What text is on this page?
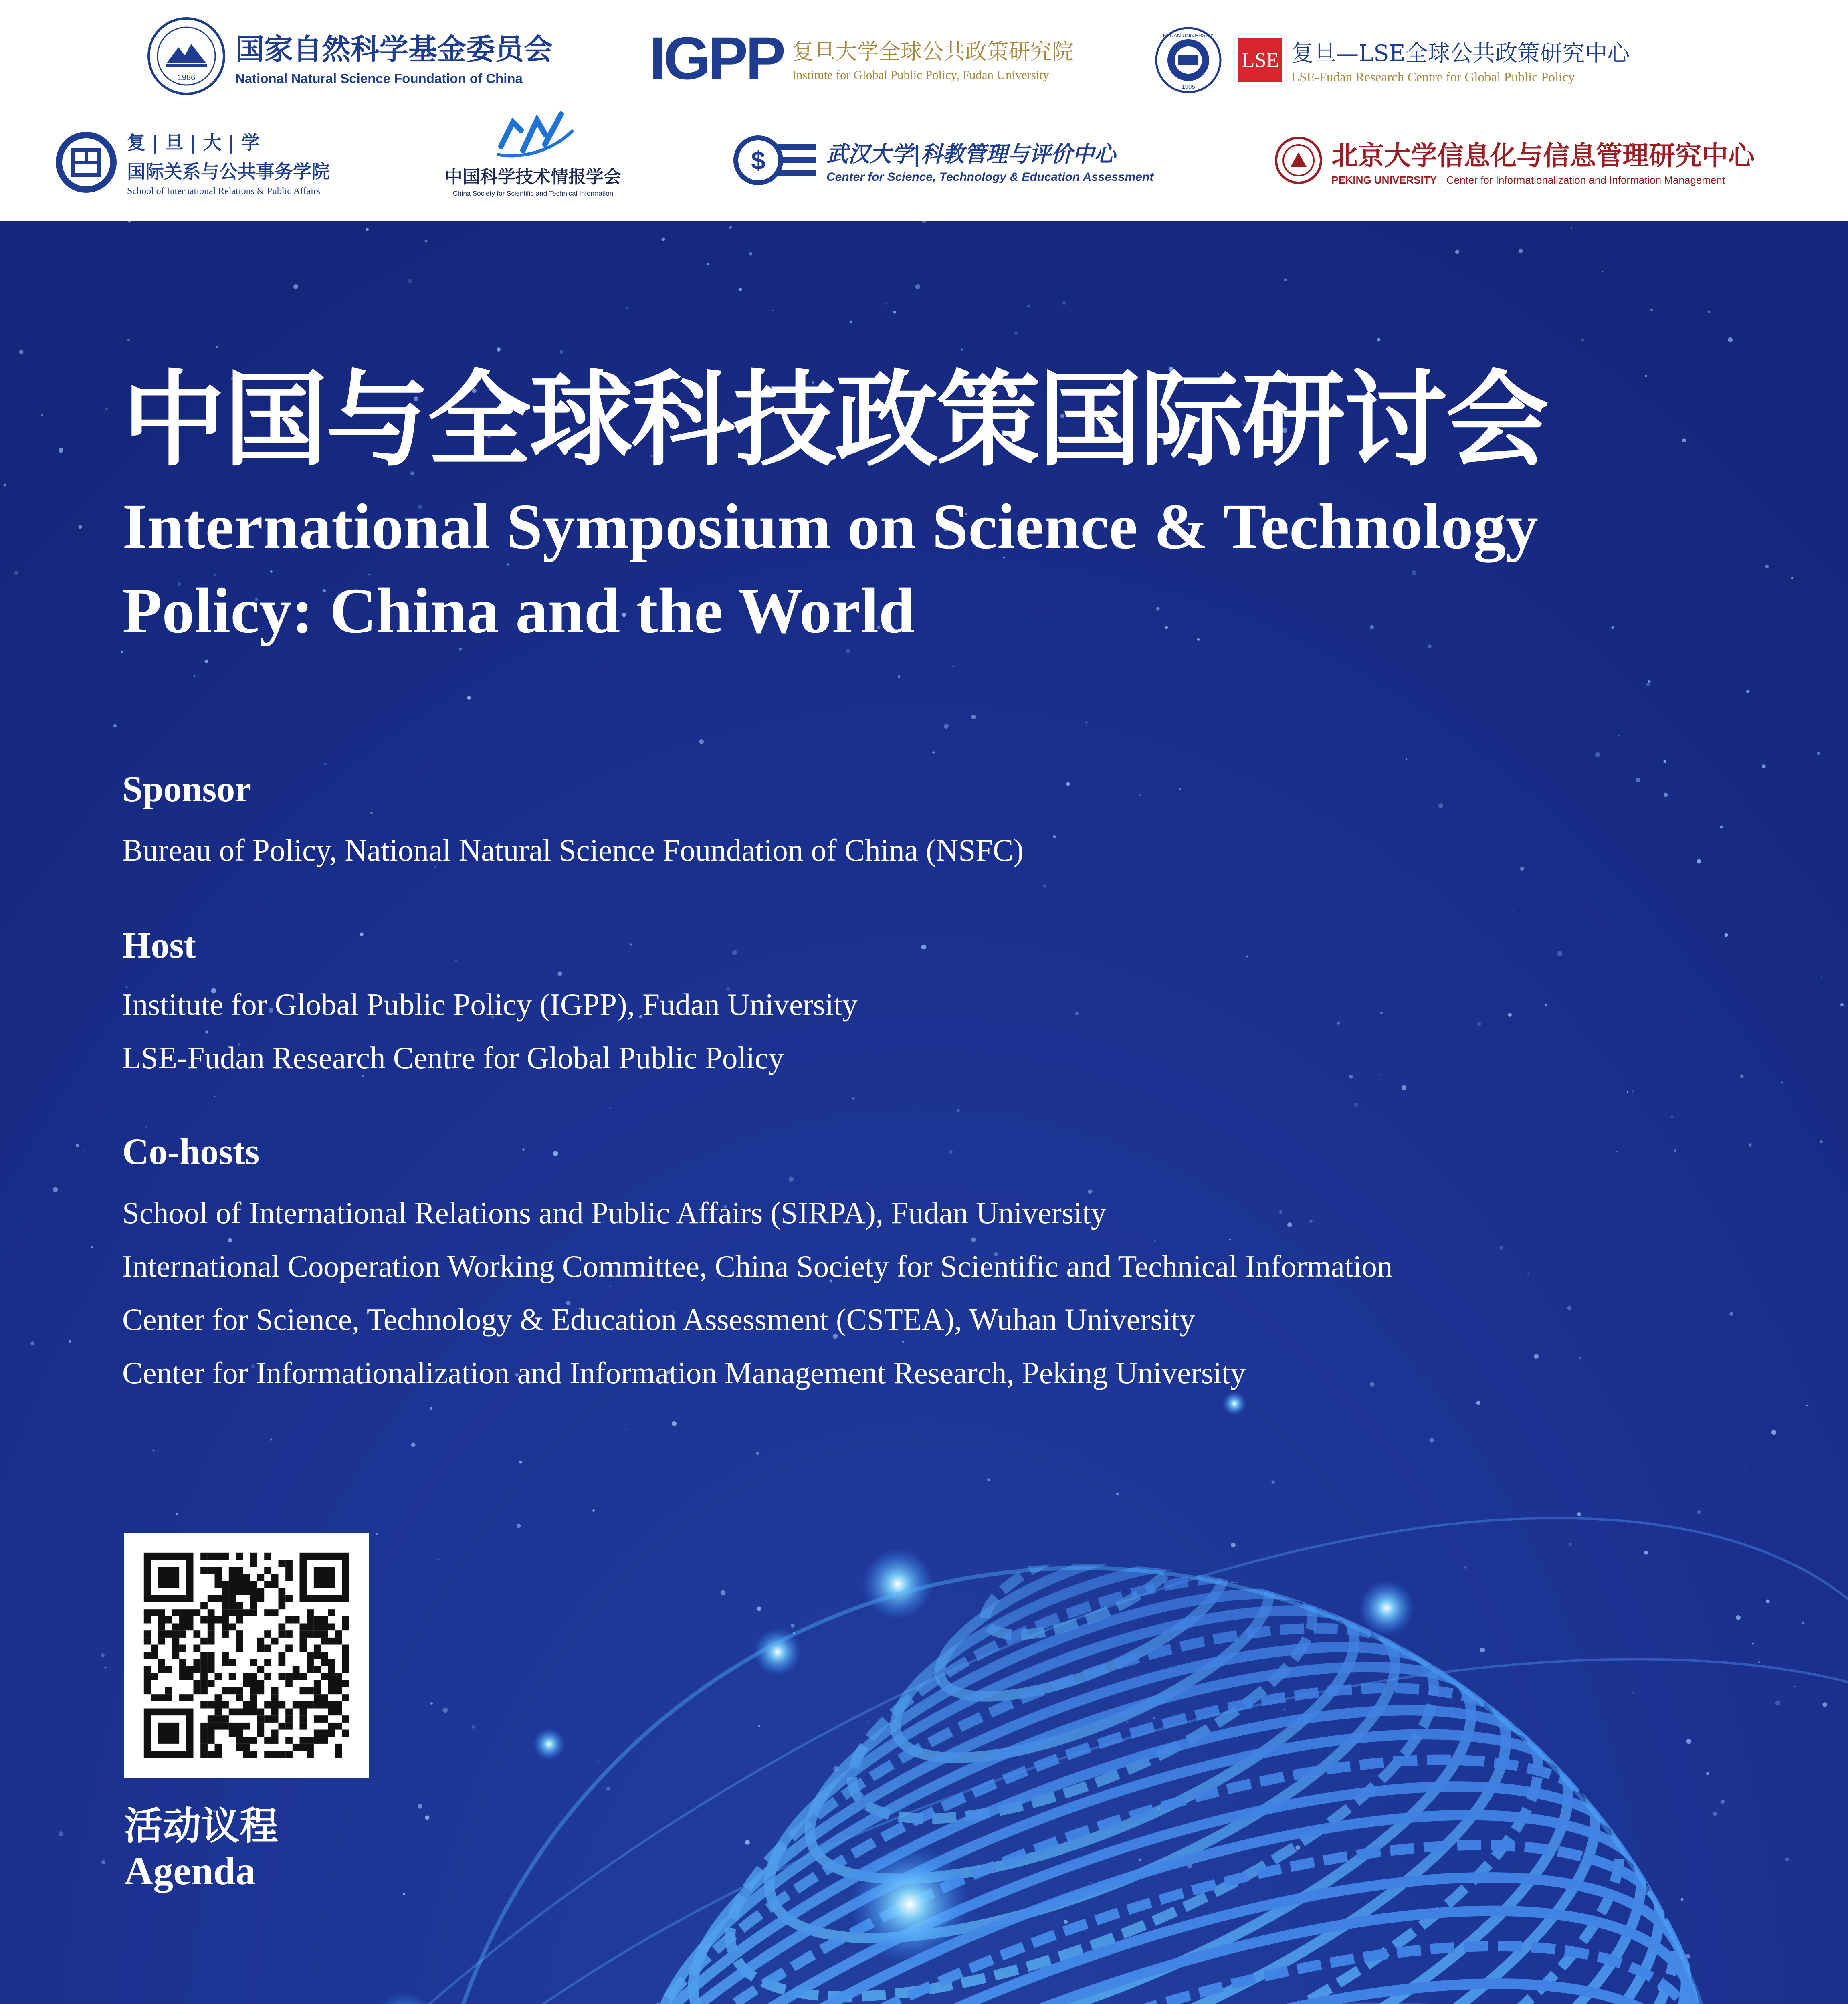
1986
国家自然科学基金委员会
National Natural Science Foundation of China	IGPP 复旦大学全球公共政策研究院
Institute for Global Public Policy, Fudan University
FUDAN UNIVERSITY
1905
LSE 复旦—LSE全球公共政策研究中心
LSE-Fudan Research Centre for Global Public Policy
复 | 旦 | 大 | 学
国际关系与公共事务学院
School of International Relations & Public Affairs
中国科学技术情报学会
China Society for Scientific and Technical Information
$	武汉大学|科教管理与评价中心
Center for Science, Technology & Education Assessment
北京大学信息化与信息管理研究中心
PEKING UNIVERSITY Center for Informationalization and Information Management
中国与全球科技政策国际研讨会
International Symposium on Science & Technology
Policy: China and the World
Sponsor
Bureau of Policy, National Natural Science Foundation of China (NSFC)
Host
Institute for Global Public Policy (IGPP), Fudan University
LSE-Fudan Research Centre for Global Public Policy
Co-hosts
School of International Relations and Public Affairs (SIRPA), Fudan University
International Cooperation Working Committee, China Society for Scientific and Technical Information
Center for Science, Technology & Education Assessment (CSTEA), Wuhan University
Center for Informationalization and Information Management Research, Peking University
活动议程
Agenda
